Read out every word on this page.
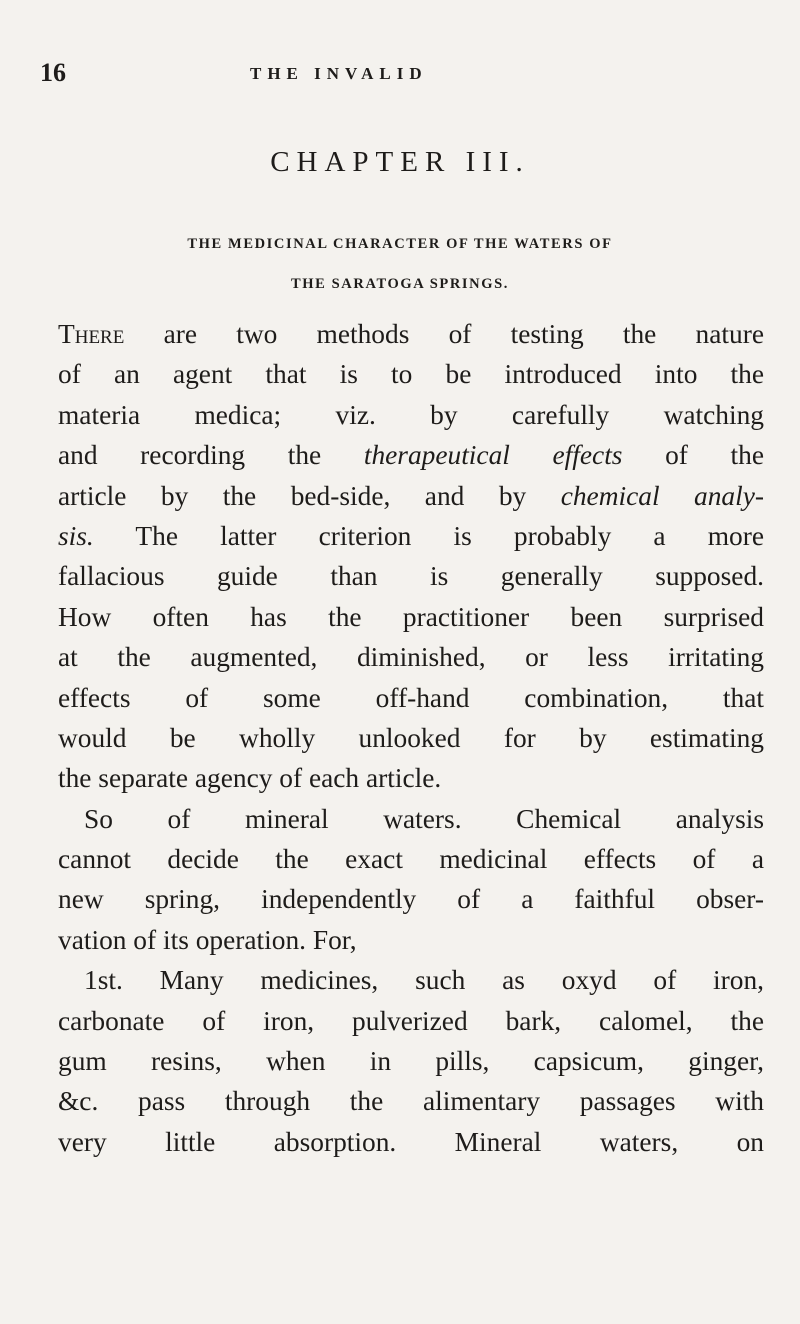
16	THE INVALID
CHAPTER III.
THE MEDICINAL CHARACTER OF THE WATERS OF
THE SARATOGA SPRINGS.
There are two methods of testing the nature
of an agent that is to be introduced into the
materia medica; viz. by carefully watching
and recording the therapeutical effects of the
article by the bed-side, and by chemical analy-
sis. The latter criterion is probably a more
fallacious guide than is generally supposed.
How often has the practitioner been surprised
at the augmented, diminished, or less irritating
effects of some off-hand combination, that
would be wholly unlooked for by estimating
the separate agency of each article.
So of mineral waters. Chemical analysis
cannot decide the exact medicinal effects of a
new spring, independently of a faithful obser-
vation of its operation. For,
1st. Many medicines, such as oxyd of iron,
carbonate of iron, pulverized bark, calomel, the
gum resins, when in pills, capsicum, ginger,
&c. pass through the alimentary passages with
very little absorption. Mineral waters, on
